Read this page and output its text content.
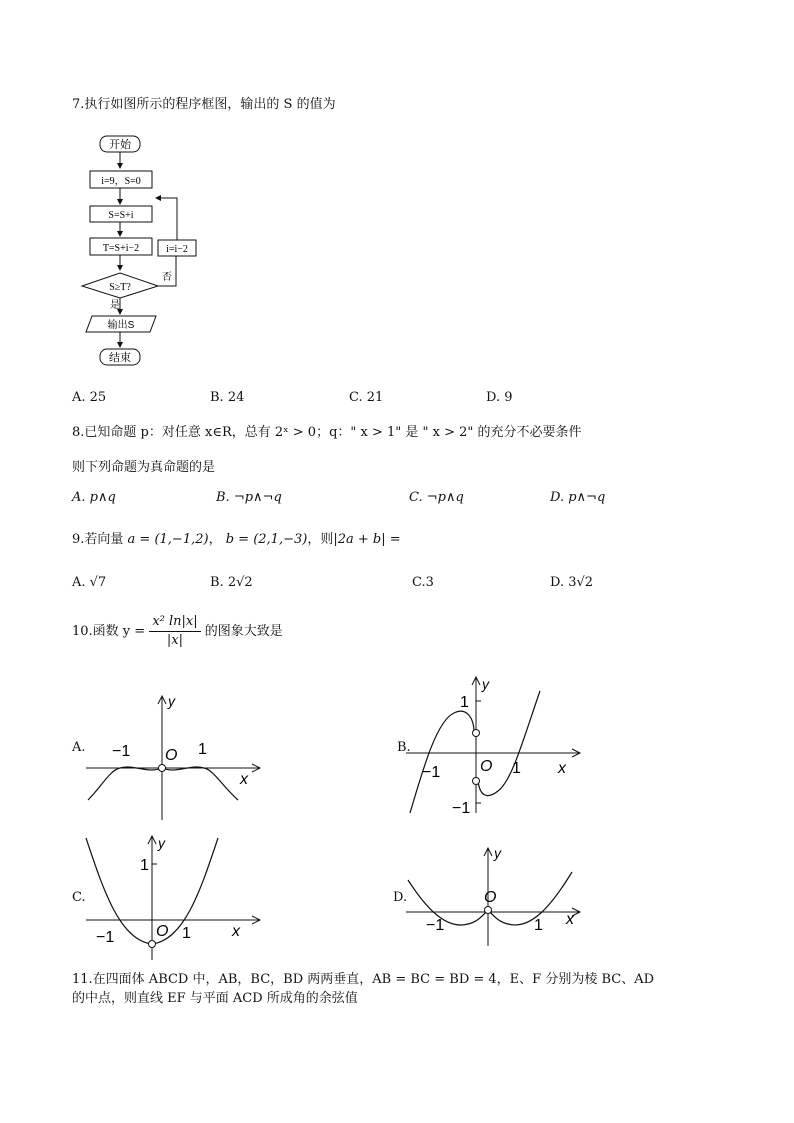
7.执行如图所示的程序框图，输出的 S 的值为
开始
i=9，S=0
S=S+i
T=S+i−2
S≥T?
否
i=i−2
是
输出S
结束
A. 25	B. 24	C. 21	D. 9
8.已知命题 p：对任意 x∈R，总有 2ˣ > 0；q：" x > 1" 是 " x > 2" 的充分不必要条件
则下列命题为真命题的是
A. p∧q	B. ¬p∧¬q	C. ¬p∧q	D. p∧¬q
9.若向量 a = (1,−1,2)， b = (2,1,−3)，则|2a + b| =
A. √7	B. 2√2	C.3	D. 3√2
10.函数 $y = \frac{\text{x² ln|x|}}{|x|}$ 的图象大致是
A.
y
x
O
−1	1	B.
y
x
O
1
−1	1
−1
C.
y
x
O
1
−1	1
D.
y
x
O
−1	1
11.在四面体 ABCD 中，AB，BC，BD 两两垂直，AB = BC = BD = 4，E、F 分别为棱 BC、AD
的中点，则直线 EF 与平面 ACD 所成角的余弦值
